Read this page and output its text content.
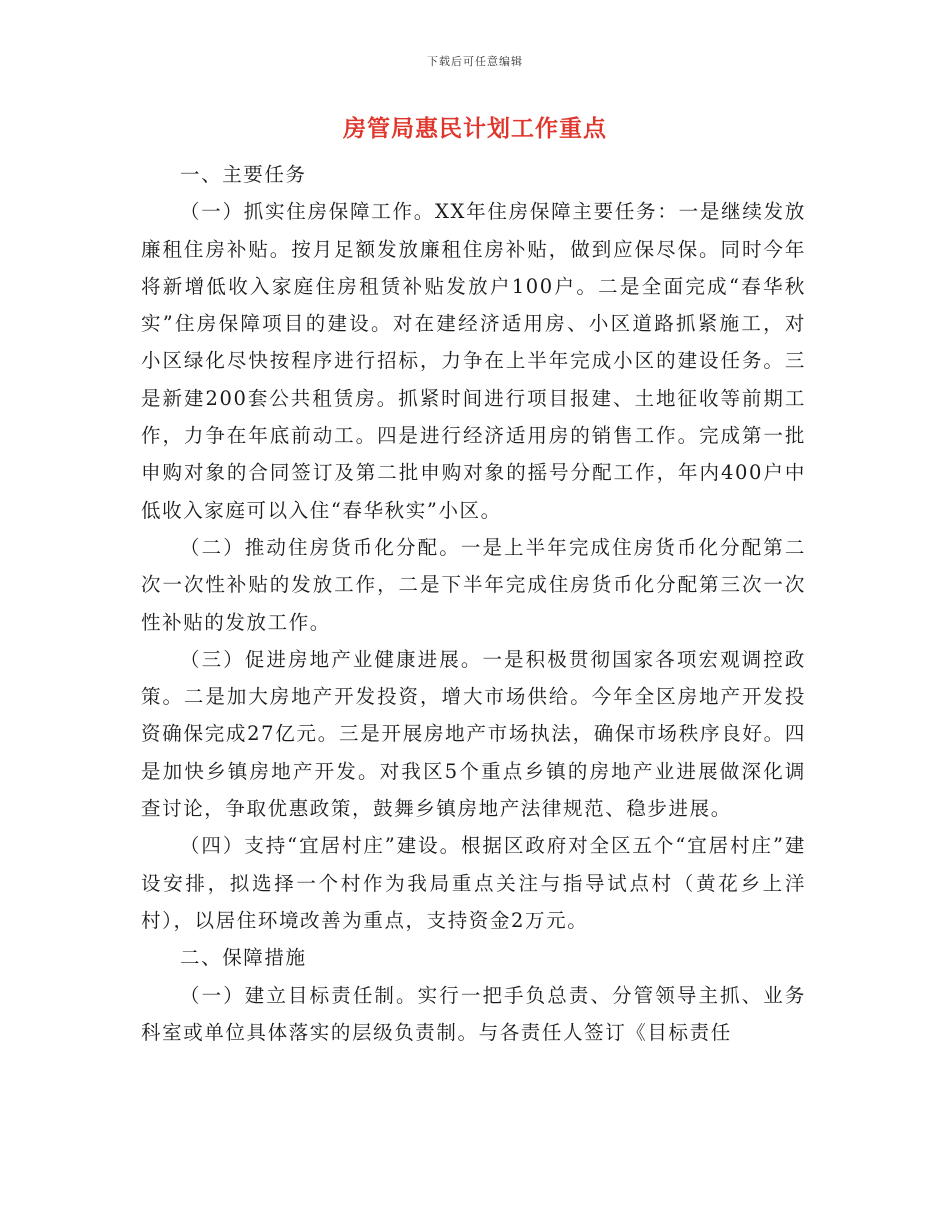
下载后可任意编辑
房管局惠民计划工作重点

一、主要任务

（一）抓实住房保障工作。XX年住房保障主要任务：一是继续发放廉租住房补贴。按月足额发放廉租住房补贴，做到应保尽保。同时今年将新增低收入家庭住房租赁补贴发放户100户。二是全面完成“春华秋实”住房保障项目的建设。对在建经济适用房、小区道路抓紧施工，对小区绿化尽快按程序进行招标，力争在上半年完成小区的建设任务。三是新建200套公共租赁房。抓紧时间进行项目报建、土地征收等前期工作，力争在年底前动工。四是进行经济适用房的销售工作。完成第一批申购对象的合同签订及第二批申购对象的摇号分配工作，年内400户中低收入家庭可以入住“春华秋实”小区。

（二）推动住房货币化分配。一是上半年完成住房货币化分配第二次一次性补贴的发放工作，二是下半年完成住房货币化分配第三次一次性补贴的发放工作。

（三）促进房地产业健康进展。一是积极贯彻国家各项宏观调控政策。二是加大房地产开发投资，增大市场供给。今年全区房地产开发投资确保完成27亿元。三是开展房地产市场执法，确保市场秩序良好。四是加快乡镇房地产开发。对我区5个重点乡镇的房地产业进展做深化调查讨论，争取优惠政策，鼓舞乡镇房地产法律规范、稳步进展。

（四）支持“宜居村庄”建设。根据区政府对全区五个“宜居村庄”建设安排，拟选择一个村作为我局重点关注与指导试点村（黄花乡上洋村），以居住环境改善为重点，支持资金2万元。

二、保障措施

（一）建立目标责任制。实行一把手负总责、分管领导主抓、业务科室或单位具体落实的层级负责制。与各责任人签订《目标责任
